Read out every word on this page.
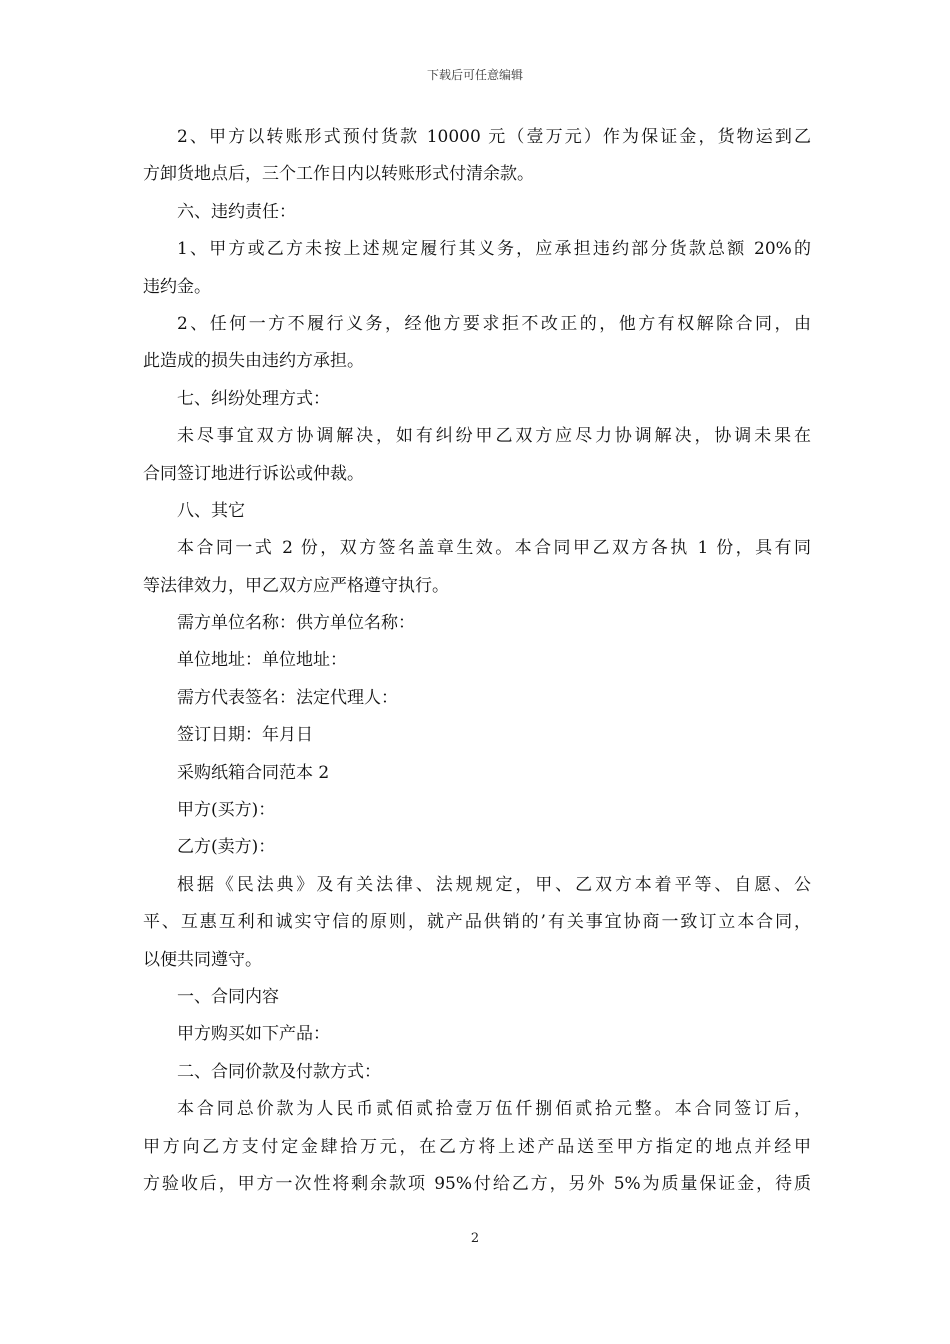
下载后可任意编辑
2、甲方以转账形式预付货款 10000 元（壹万元）作为保证金，货物运到乙
方卸货地点后，三个工作日内以转账形式付清余款。
六、违约责任：
1、甲方或乙方未按上述规定履行其义务，应承担违约部分货款总额 20%的
违约金。
2、任何一方不履行义务，经他方要求拒不改正的，他方有权解除合同，由
此造成的损失由违约方承担。
七、纠纷处理方式：
未尽事宜双方协调解决，如有纠纷甲乙双方应尽力协调解决，协调未果在
合同签订地进行诉讼或仲裁。
八、其它
本合同一式 2 份，双方签名盖章生效。本合同甲乙双方各执 1 份，具有同
等法律效力，甲乙双方应严格遵守执行。
需方单位名称：供方单位名称：
单位地址：单位地址：
需方代表签名：法定代理人：
签订日期：年月日
采购纸箱合同范本 2
甲方(买方)：
乙方(卖方)：
根据《民法典》及有关法律、法规规定，甲、乙双方本着平等、自愿、公
平、互惠互利和诚实守信的原则，就产品供销的’有关事宜协商一致订立本合同，
以便共同遵守。
一、合同内容
甲方购买如下产品：
二、合同价款及付款方式：
本合同总价款为人民币贰佰贰拾壹万伍仟捌佰贰拾元整。本合同签订后，
甲方向乙方支付定金肆拾万元，在乙方将上述产品送至甲方指定的地点并经甲
方验收后，甲方一次性将剩余款项 95%付给乙方，另外 5%为质量保证金，待质
2
